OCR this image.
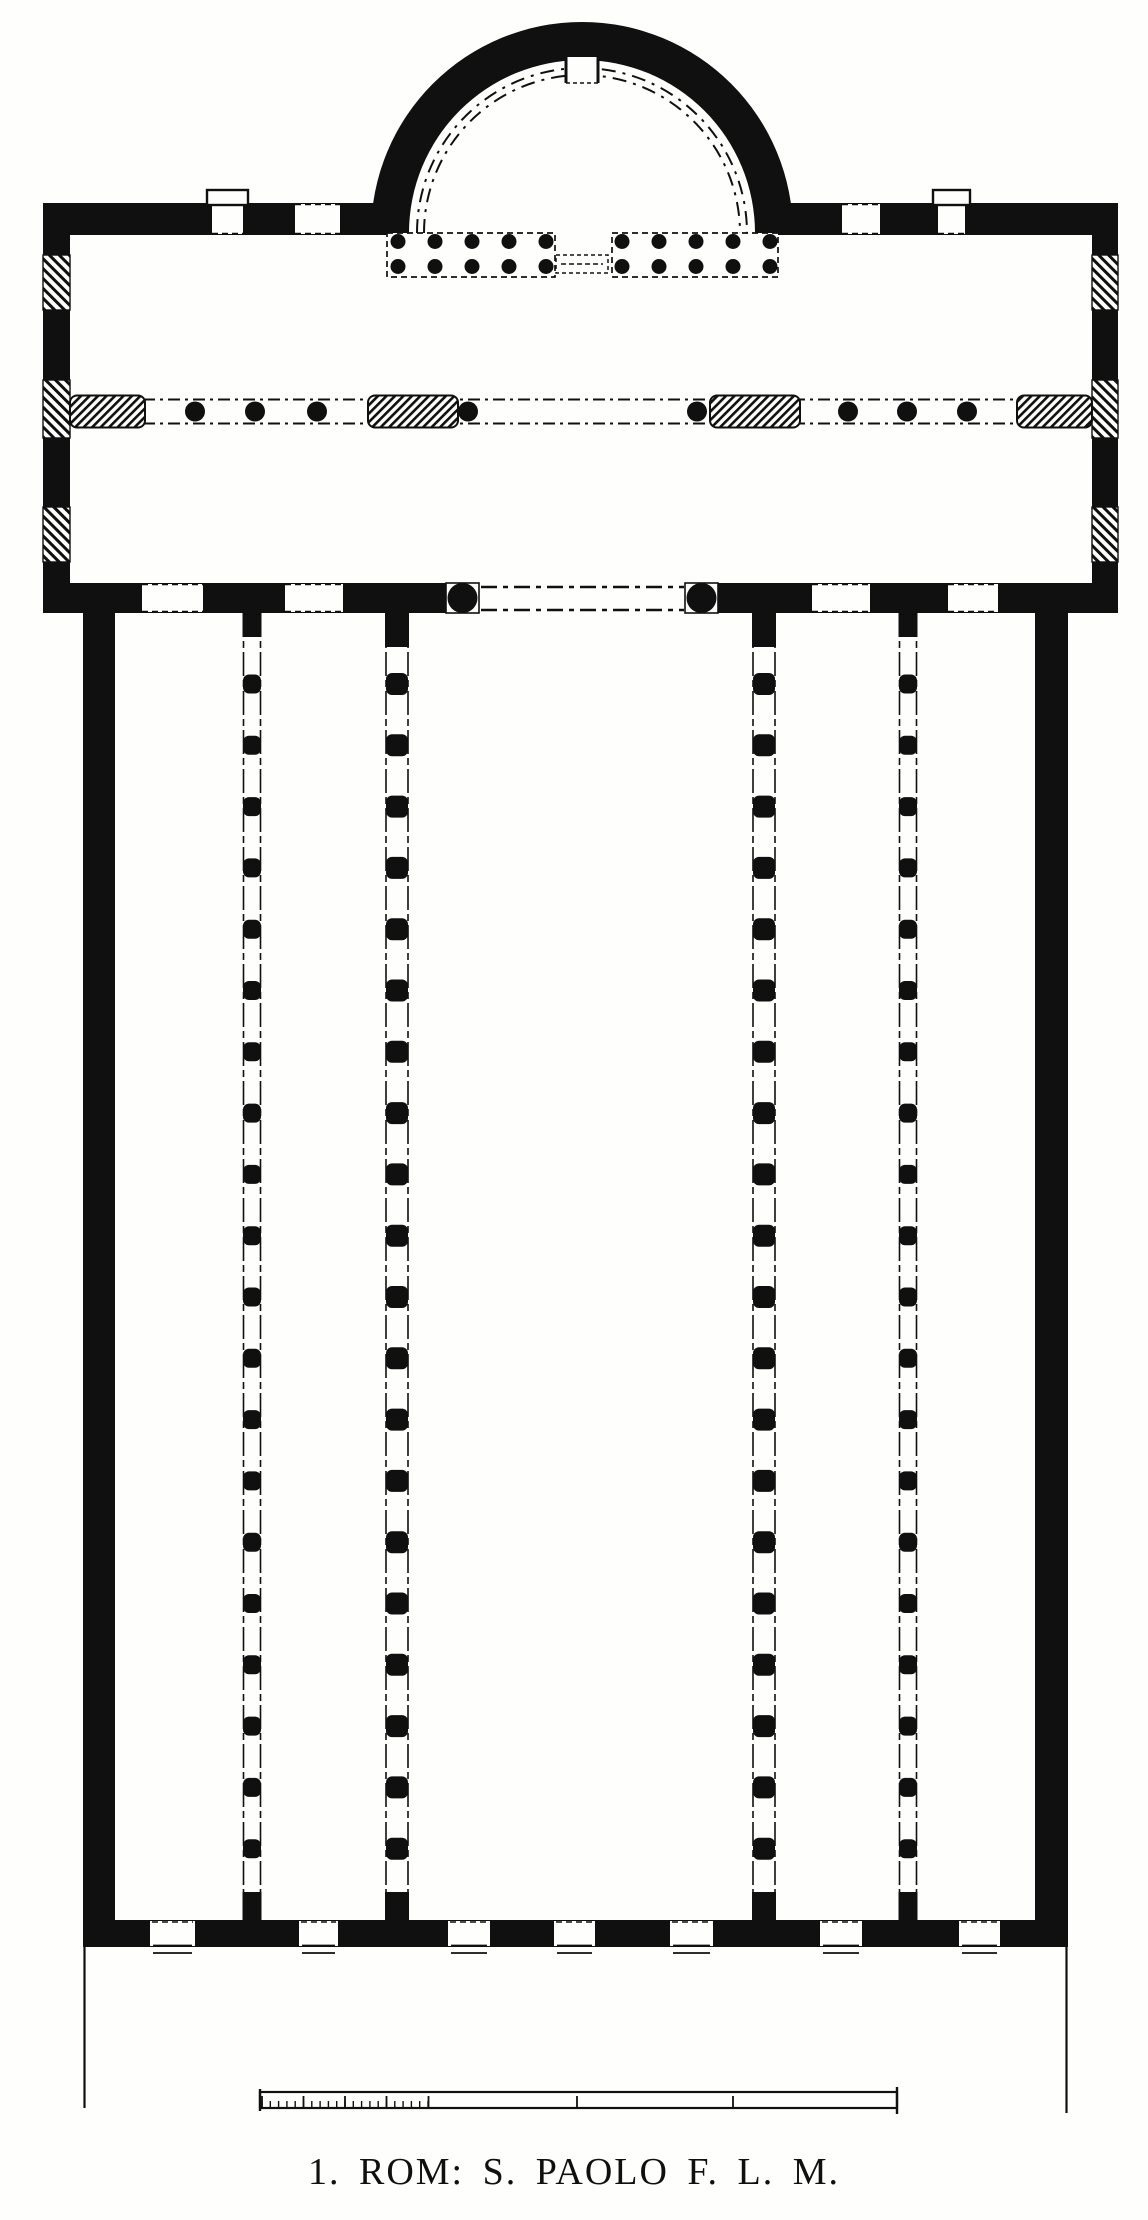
1. ROM: S. PAOLO F. L. M.
